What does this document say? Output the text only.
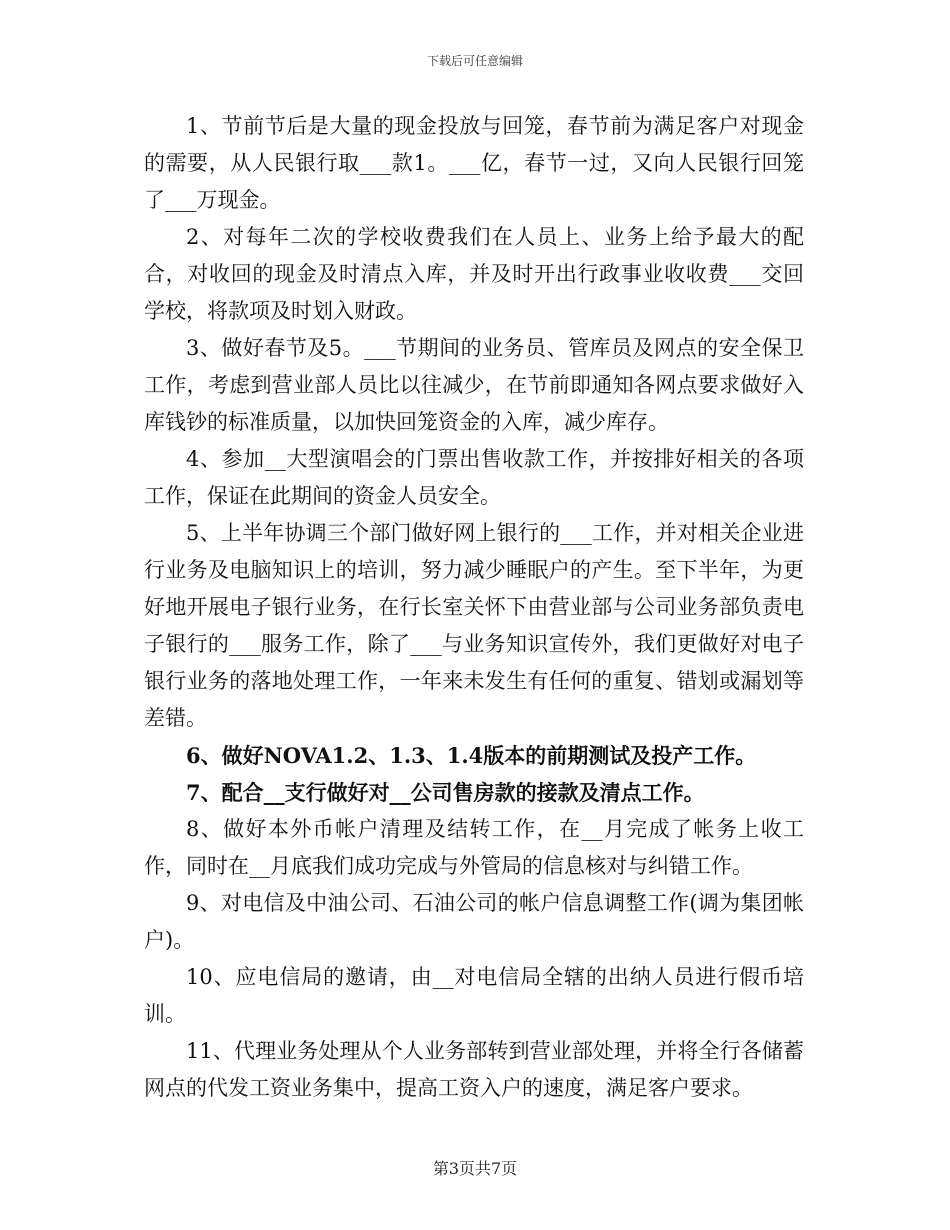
下载后可任意编辑

1、节前节后是大量的现金投放与回笼，春节前为满足客户对现金的需要，从人民银行取___款1。___亿，春节一过，又向人民银行回笼了___万现金。

2、对每年二次的学校收费我们在人员上、业务上给予最大的配合，对收回的现金及时清点入库，并及时开出行政事业收收费___交回学校，将款项及时划入财政。

3、做好春节及5。___节期间的业务员、管库员及网点的安全保卫工作，考虑到营业部人员比以往减少，在节前即通知各网点要求做好入库钱钞的标准质量，以加快回笼资金的入库，减少库存。

4、参加__大型演唱会的门票出售收款工作，并按排好相关的各项工作，保证在此期间的资金人员安全。

5、上半年协调三个部门做好网上银行的___工作，并对相关企业进行业务及电脑知识上的培训，努力减少睡眠户的产生。至下半年，为更好地开展电子银行业务，在行长室关怀下由营业部与公司业务部负责电子银行的___服务工作，除了___与业务知识宣传外，我们更做好对电子银行业务的落地处理工作，一年来未发生有任何的重复、错划或漏划等差错。

6、做好NOVA1.2、1.3、1.4版本的前期测试及投产工作。

7、配合__支行做好对__公司售房款的接款及清点工作。

8、做好本外币帐户清理及结转工作，在__月完成了帐务上收工作，同时在__月底我们成功完成与外管局的信息核对与纠错工作。

9、对电信及中油公司、石油公司的帐户信息调整工作(调为集团帐户)。

10、应电信局的邀请，由__对电信局全辖的出纳人员进行假币培训。

11、代理业务处理从个人业务部转到营业部处理，并将全行各储蓄网点的代发工资业务集中，提高工资入户的速度，满足客户要求。

第3页共7页
